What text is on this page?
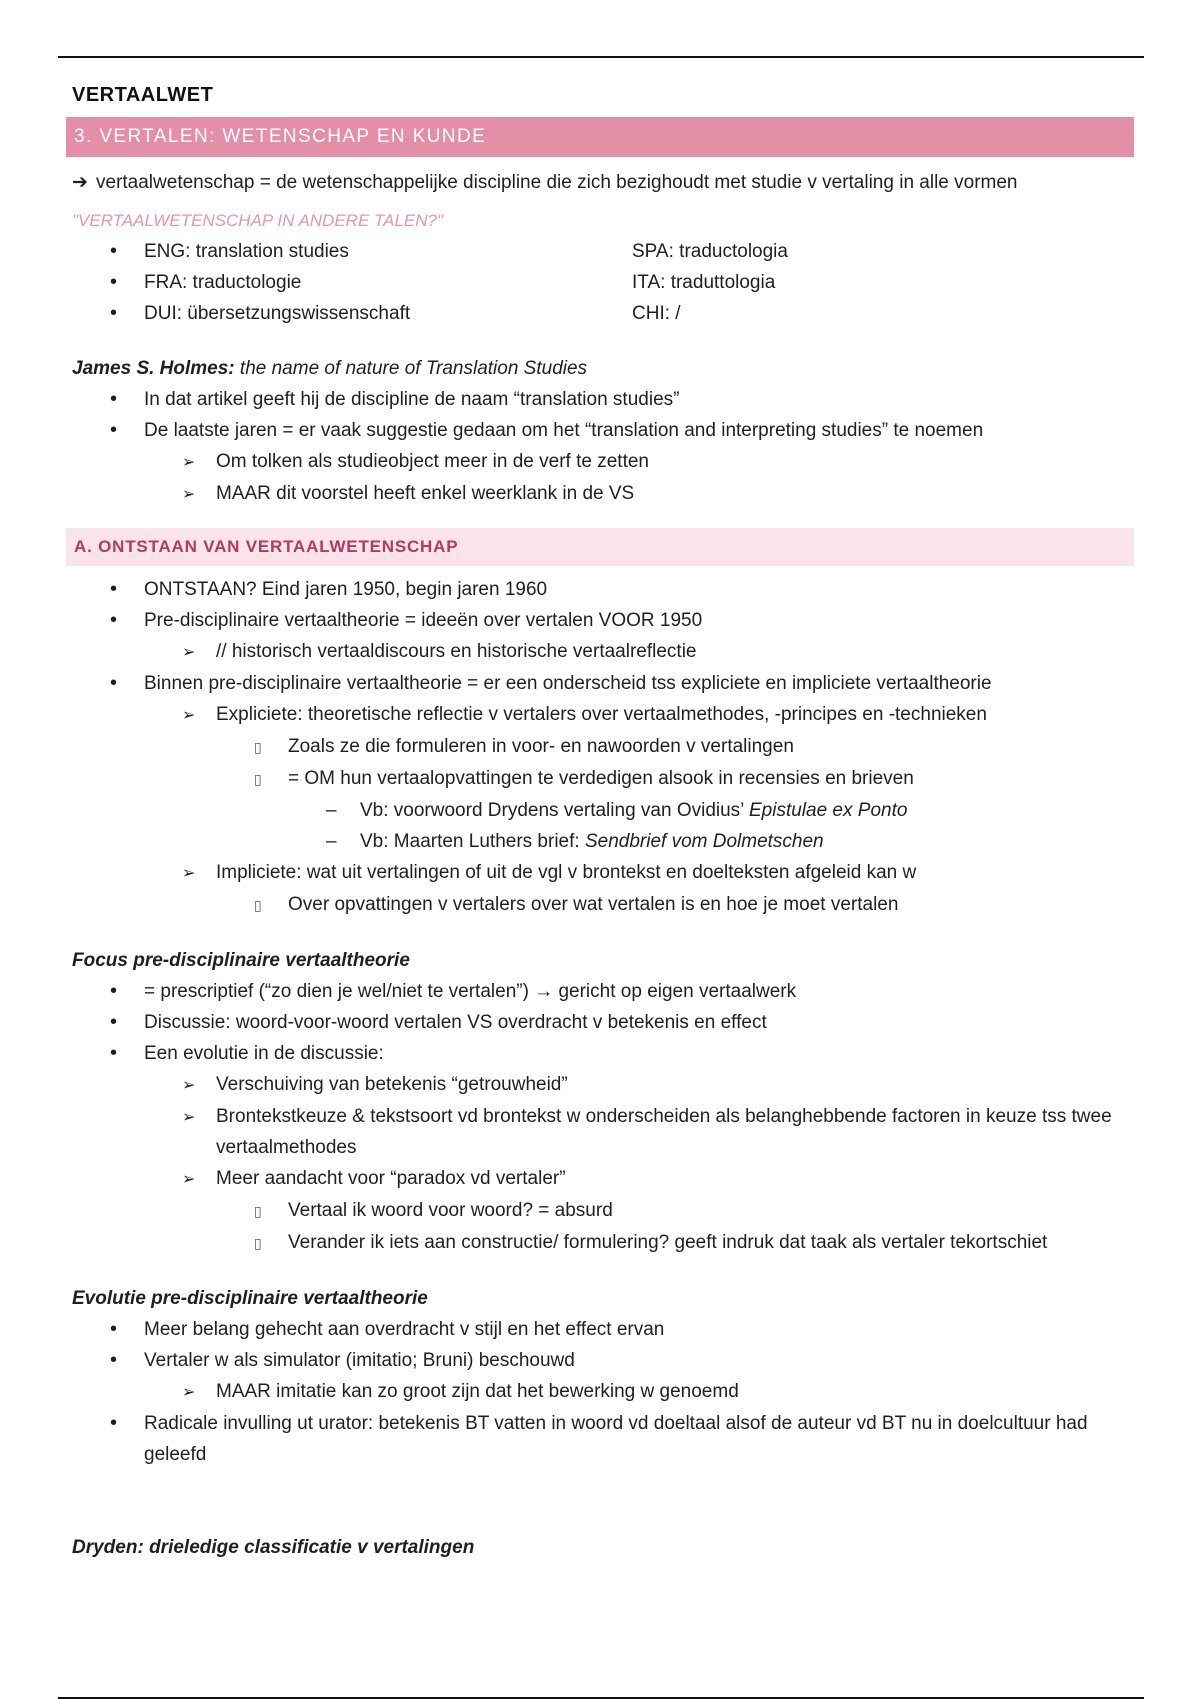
VERTAALWET
3. VERTALEN: WETENSCHAP EN KUNDE
➔ vertaalwetenschap = de wetenschappelijke discipline die zich bezighoudt met studie v vertaling in alle vormen
"VERTAALWETENSCHAP IN ANDERE TALEN?"
•
ENG: translation studies	SPA: traductologia
•
FRA: traductologie	ITA: traduttologia
•
DUI: übersetzungswissenschaft	CHI: /
James S. Holmes: the name of nature of Translation Studies
•
In dat artikel geeft hij de discipline de naam “translation studies”
•
De laatste jaren = er vaak suggestie gedaan om het “translation and interpreting studies” te noemen
➢
Om tolken als studieobject meer in de verf te zetten
➢
MAAR dit voorstel heeft enkel weerklank in de VS
A. ONTSTAAN VAN VERTAALWETENSCHAP
•
ONTSTAAN? Eind jaren 1950, begin jaren 1960
•
Pre-disciplinaire vertaaltheorie = ideeën over vertalen VOOR 1950
➢
// historisch vertaaldiscours en historische vertaalreflectie
•
Binnen pre-disciplinaire vertaaltheorie = er een onderscheid tss expliciete en impliciete vertaaltheorie
➢
Expliciete: theoretische reflectie v vertalers over vertaalmethodes, -principes en -technieken
▯
Zoals ze die formuleren in voor- en nawoorden v vertalingen
▯
= OM hun vertaalopvattingen te verdedigen alsook in recensies en brieven
–
Vb: voorwoord Drydens vertaling van Ovidius’ Epistulae ex Ponto
–
Vb: Maarten Luthers brief: Sendbrief vom Dolmetschen
➢
Impliciete: wat uit vertalingen of uit de vgl v brontekst en doelteksten afgeleid kan w
▯
Over opvattingen v vertalers over wat vertalen is en hoe je moet vertalen
Focus pre-disciplinaire vertaaltheorie
•
= prescriptief (“zo dien je wel/niet te vertalen”) → gericht op eigen vertaalwerk
•
Discussie: woord-voor-woord vertalen VS overdracht v betekenis en effect
•
Een evolutie in de discussie:
➢
Verschuiving van betekenis “getrouwheid”
➢
Brontekstkeuze & tekstsoort vd brontekst w onderscheiden als belanghebbende factoren in keuze tss twee vertaalmethodes
➢
Meer aandacht voor “paradox vd vertaler”
▯
Vertaal ik woord voor woord? = absurd
▯
Verander ik iets aan constructie/ formulering? geeft indruk dat taak als vertaler tekortschiet
Evolutie pre-disciplinaire vertaaltheorie
•
Meer belang gehecht aan overdracht v stijl en het effect ervan
•
Vertaler w als simulator (imitatio; Bruni) beschouwd
➢
MAAR imitatie kan zo groot zijn dat het bewerking w genoemd
•
Radicale invulling ut urator: betekenis BT vatten in woord vd doeltaal alsof de auteur vd BT nu in doelcultuur had geleefd
Dryden: drieledige classificatie v vertalingen
